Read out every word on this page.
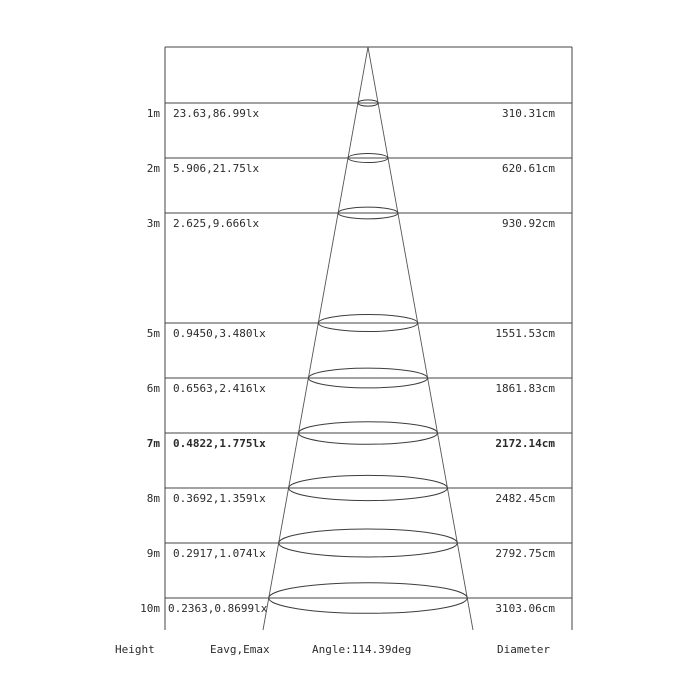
1m 23.63,86.99lx	310.31cm
2m 5.906,21.75lx	620.61cm
3m 2.625,9.666lx	930.92cm
5m 0.9450,3.480lx	1551.53cm
6m 0.6563,2.416lx	1861.83cm
7m 0.4822,1.775lx	2172.14cm
8m 0.3692,1.359lx	2482.45cm
9m 0.2917,1.074lx	2792.75cm
10m 0.2363,0.8699lx	3103.06cm
Height	Eavg,Emax	Angle:114.39deg	Diameter
